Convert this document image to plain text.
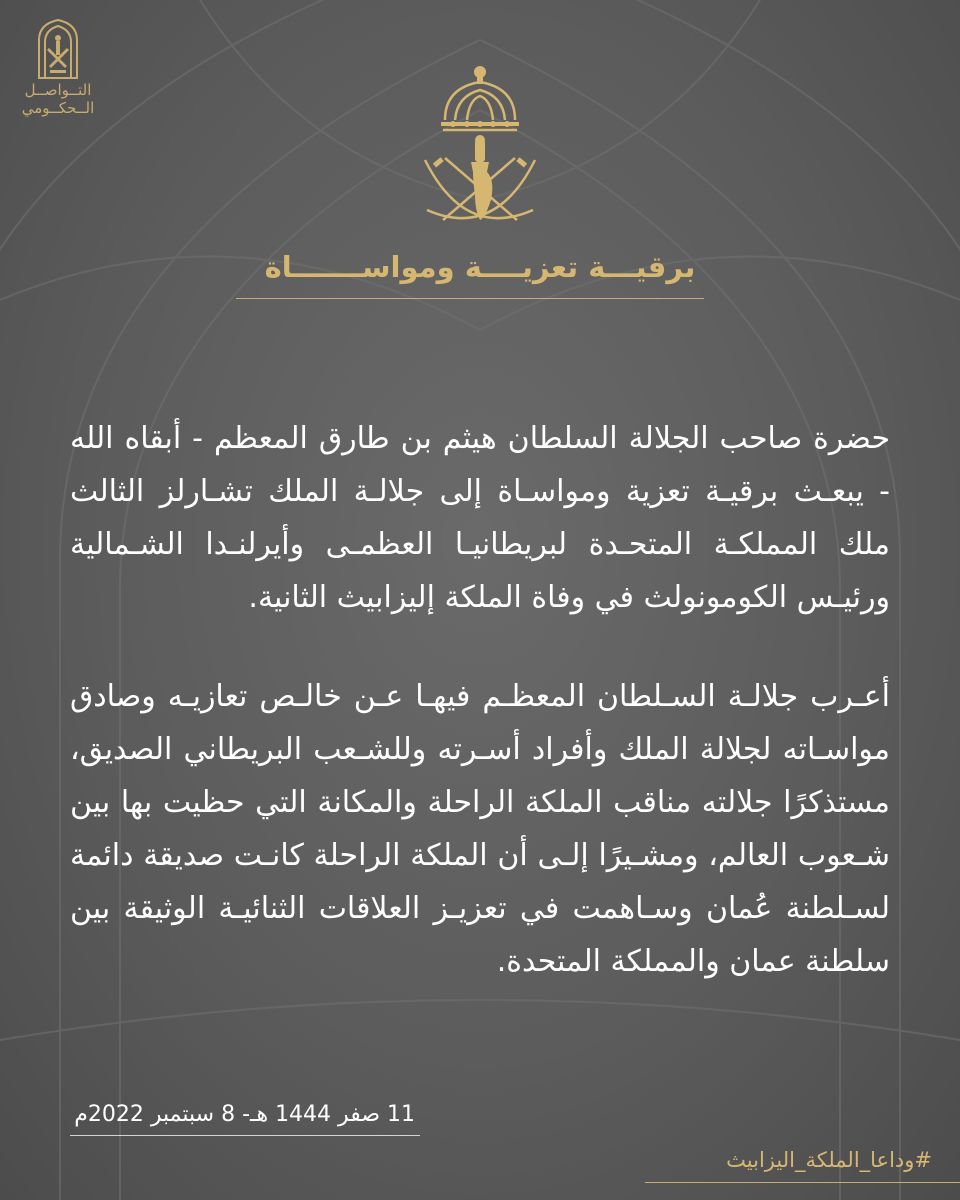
التــواصــل
الــحكــومي
برقيـــة تعزيــــة ومواســـــــاة
حضرة صاحب الجلالة السلطان هيثم بن طارق المعظم - أبقاه الله - يبعـث برقيـة تعزية ومواسـاة إلى جلالـة الملك تشـارلز الثالث ملك المملكـة المتحـدة لبريطانيـا العظمـى وأيرلنـدا الشـمالية ورئيـس الكومونولث في وفاة الملكة إليزابيث الثانية.
أعـرب جلالـة السـلطان المعظـم فيهـا عـن خالـص تعازيـه وصادق مواسـاته لجلالة الملك وأفراد أسـرته وللشـعب البريطاني الصديق، مستذكرًا جلالته مناقب الملكة الراحلة والمكانة التي حظيت بها بين شـعوب العالم، ومشـيرًا إلـى أن الملكة الراحلة كانـت صديقة دائمة لسـلطنة عُمان وسـاهمت في تعزيـز العلاقات الثنائيـة الوثيقة بين سلطنة عمان والمملكة المتحدة.
11 صفر 1444 هـ- 8 سبتمبر 2022م
#وداعا_الملكة_اليزابيث
